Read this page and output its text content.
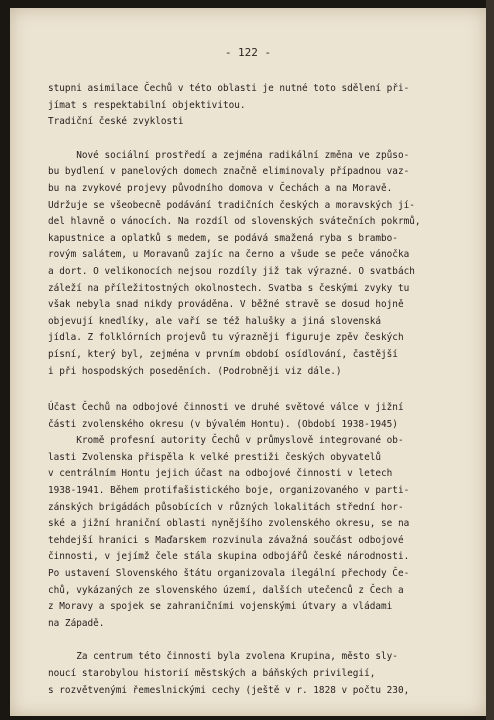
- 122 -
stupni asimilace Čechů v této oblasti je nutné toto sdělení při-
jímat s respektabilní objektivitou.
Tradiční české zvyklosti
Nové sociální prostředí a zejména radikální změna ve způso-
bu bydlení v panelových domech značně eliminovaly případnou vaz-
bu na zvykové projevy původního domova v Čechách a na Moravě.
Udržuje se všeobecně podávání tradičních českých a moravských jí-
del hlavně o vánocích. Na rozdíl od slovenských svátečních pokrmů,
kapustnice a oplatků s medem, se podává smažená ryba s brambo-
rovým salátem, u Moravanů zajíc na černo a všude se peče vánočka
a dort. O velikonocích nejsou rozdíly již tak výrazné. O svatbách
záleží na příležitostných okolnostech. Svatba s českými zvyky tu
však nebyla snad nikdy prováděna. V běžné stravě se dosud hojně
objevují knedlíky, ale vaří se též halušky a jiná slovenská
jídla. Z folklórních projevů tu výrazněji figuruje zpěv českých
písní, který byl, zejména v prvním období osídlování, častější
i při hospodských poseděních. (Podrobněji viz dále.)
Účast Čechů na odbojové činnosti ve druhé světové válce v jižní
části zvolenského okresu (v bývalém Hontu). (Období 1938-1945)
Kromě profesní autority Čechů v průmyslově integrované ob-
lasti Zvolenska přispěla k velké prestiži českých obyvatelů
v centrálním Hontu jejich účast na odbojové činnosti v letech
1938-1941. Během protifašistického boje, organizovaného v parti-
zánských brigádách působících v různých lokalitách střední hor-
ské a jižní hraniční oblasti nynějšího zvolenského okresu, se na
tehdejší hranici s Maďarskem rozvinula závažná součást odbojové
činnosti, v jejímž čele stála skupina odbojářů české národnosti.
Po ustavení Slovenského štátu organizovala ilegální přechody Če-
chů, vykázaných ze slovenského území, dalších utečenců z Čech a
z Moravy a spojek se zahraničními vojenskými útvary a vládami
na Západě.
Za centrum této činnosti byla zvolena Krupina, město sly-
noucí starobylou historií městských a báňských privilegií,
s rozvětvenými řemeslnickými cechy (ještě v r. 1828 v počtu 230,
